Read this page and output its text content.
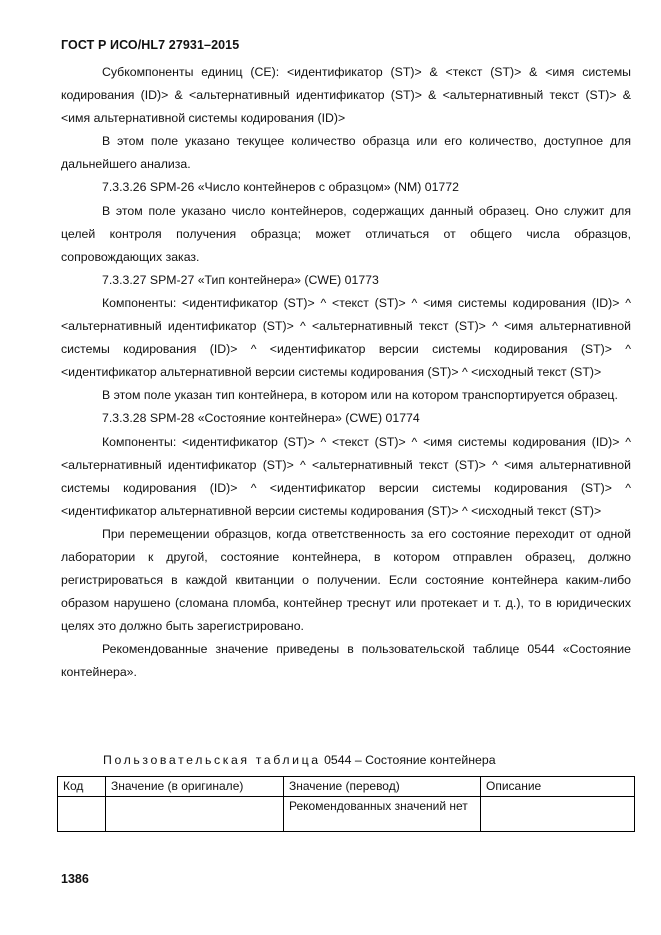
ГОСТ Р ИСО/HL7 27931–2015

Субкомпоненты единиц (CE): <идентификатор (ST)> & <текст (ST)> & <имя системы кодирования (ID)> & <альтернативный идентификатор (ST)> & <альтернативный текст (ST)> & <имя альтернативной системы кодирования (ID)>

В этом поле указано текущее количество образца или его количество, доступное для дальнейшего анализа.

7.3.3.26 SPM-26 «Число контейнеров с образцом» (NM) 01772

В этом поле указано число контейнеров, содержащих данный образец. Оно служит для целей контроля получения образца; может отличаться от общего числа образцов, сопровождающих заказ.

7.3.3.27 SPM-27 «Тип контейнера» (CWE) 01773

Компоненты: <идентификатор (ST)> ^ <текст (ST)> ^ <имя системы кодирования (ID)> ^ <альтернативный идентификатор (ST)> ^ <альтернативный текст (ST)> ^ <имя альтернативной системы кодирования (ID)> ^ <идентификатор версии системы кодирования (ST)> ^ <идентификатор альтернативной версии системы кодирования (ST)> ^ <исходный текст (ST)>

В этом поле указан тип контейнера, в котором или на котором транспортируется образец.

7.3.3.28 SPM-28 «Состояние контейнера» (CWE) 01774

Компоненты: <идентификатор (ST)> ^ <текст (ST)> ^ <имя системы кодирования (ID)> ^ <альтернативный идентификатор (ST)> ^ <альтернативный текст (ST)> ^ <имя альтернативной системы кодирования (ID)> ^ <идентификатор версии системы кодирования (ST)> ^ <идентификатор альтернативной версии системы кодирования (ST)> ^ <исходный текст (ST)>

При перемещении образцов, когда ответственность за его состояние переходит от одной лаборатории к другой, состояние контейнера, в котором отправлен образец, должно регистрироваться в каждой квитанции о получении. Если состояние контейнера каким-либо образом нарушено (сломана пломба, контейнер треснут или протекает и т. д.), то в юридических целях это должно быть зарегистрировано.

Рекомендованные значение приведены в пользовательской таблице 0544 «Состояние контейнера».

Пользовательская таблица 0544 – Состояние контейнера
Код	Значение (в оригинале)	Значение (перевод)	Описание
		Рекомендованных значений нет	
1386
